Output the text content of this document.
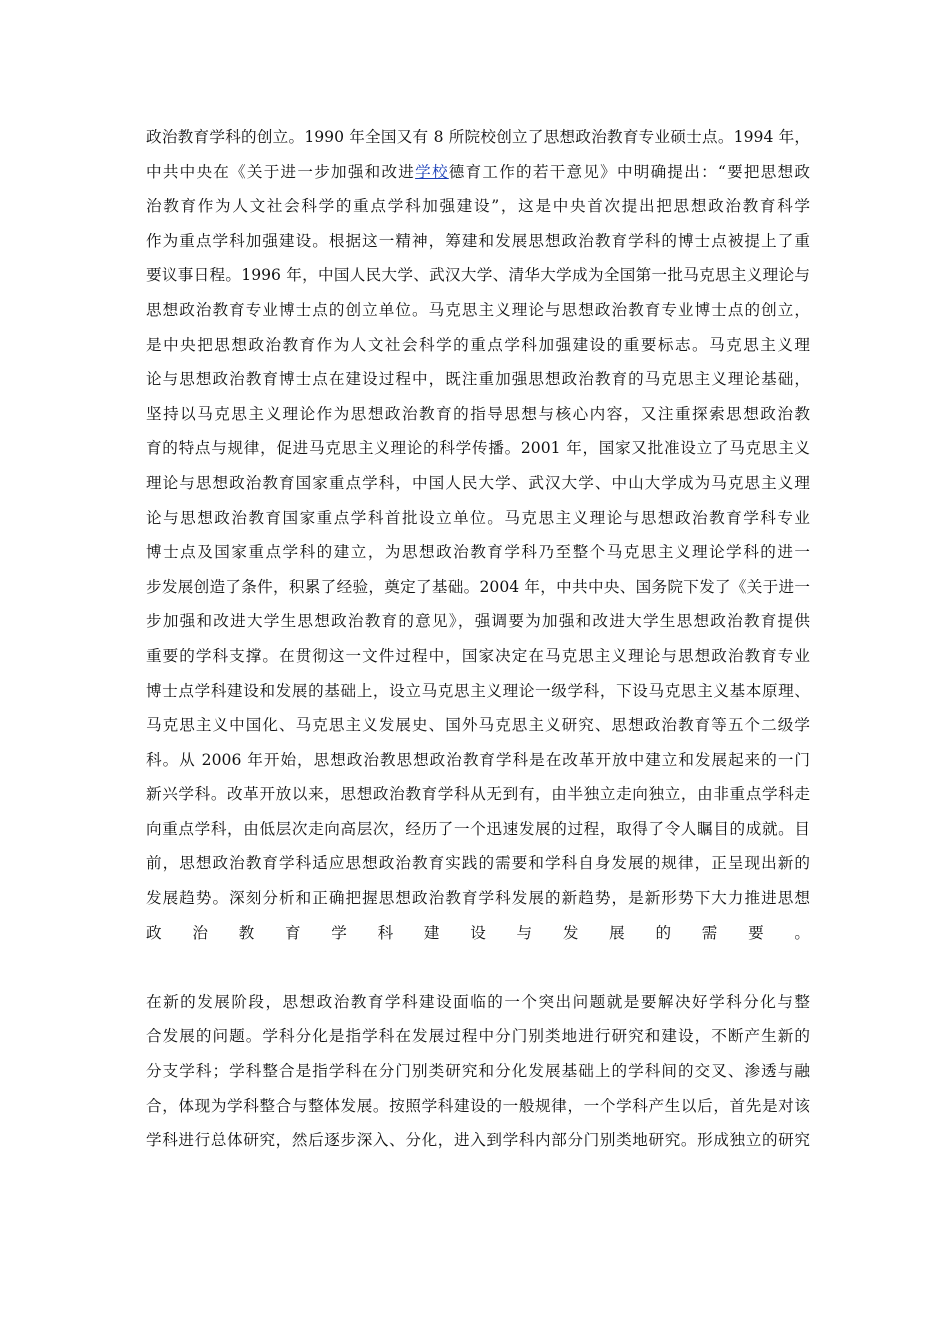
政治教育学科的创立。1990 年全国又有 8 所院校创立了思想政治教育专业硕士点。1994 年，
中共中央在《关于进一步加强和改进学校德育工作的若干意见》中明确提出：“要把思想政
治教育作为人文社会科学的重点学科加强建设”，这是中央首次提出把思想政治教育科学
作为重点学科加强建设。根据这一精神，筹建和发展思想政治教育学科的博士点被提上了重
要议事日程。1996 年，中国人民大学、武汉大学、清华大学成为全国第一批马克思主义理论与
思想政治教育专业博士点的创立单位。马克思主义理论与思想政治教育专业博士点的创立，
是中央把思想政治教育作为人文社会科学的重点学科加强建设的重要标志。马克思主义理
论与思想政治教育博士点在建设过程中，既注重加强思想政治教育的马克思主义理论基础，
坚持以马克思主义理论作为思想政治教育的指导思想与核心内容，又注重探索思想政治教
育的特点与规律，促进马克思主义理论的科学传播。2001 年，国家又批准设立了马克思主义
理论与思想政治教育国家重点学科，中国人民大学、武汉大学、中山大学成为马克思主义理
论与思想政治教育国家重点学科首批设立单位。马克思主义理论与思想政治教育学科专业
博士点及国家重点学科的建立，为思想政治教育学科乃至整个马克思主义理论学科的进一
步发展创造了条件，积累了经验，奠定了基础。2004 年，中共中央、国务院下发了《关于进一
步加强和改进大学生思想政治教育的意见》，强调要为加强和改进大学生思想政治教育提供
重要的学科支撑。在贯彻这一文件过程中，国家决定在马克思主义理论与思想政治教育专业
博士点学科建设和发展的基础上，设立马克思主义理论一级学科，下设马克思主义基本原理、
马克思主义中国化、马克思主义发展史、国外马克思主义研究、思想政治教育等五个二级学
科。从 2006 年开始，思想政治教思想政治教育学科是在改革开放中建立和发展起来的一门
新兴学科。改革开放以来，思想政治教育学科从无到有，由半独立走向独立，由非重点学科走
向重点学科，由低层次走向高层次，经历了一个迅速发展的过程，取得了令人瞩目的成就。目
前，思想政治教育学科适应思想政治教育实践的需要和学科自身发展的规律，正呈现出新的
发展趋势。深刻分析和正确把握思想政治教育学科发展的新趋势，是新形势下大力推进思想
政治教育学科建设与发展的需要。
在新的发展阶段，思想政治教育学科建设面临的一个突出问题就是要解决好学科分化与整
合发展的问题。学科分化是指学科在发展过程中分门别类地进行研究和建设，不断产生新的
分支学科；学科整合是指学科在分门别类研究和分化发展基础上的学科间的交叉、渗透与融
合，体现为学科整合与整体发展。按照学科建设的一般规律，一个学科产生以后，首先是对该
学科进行总体研究，然后逐步深入、分化，进入到学科内部分门别类地研究。形成独立的研究
